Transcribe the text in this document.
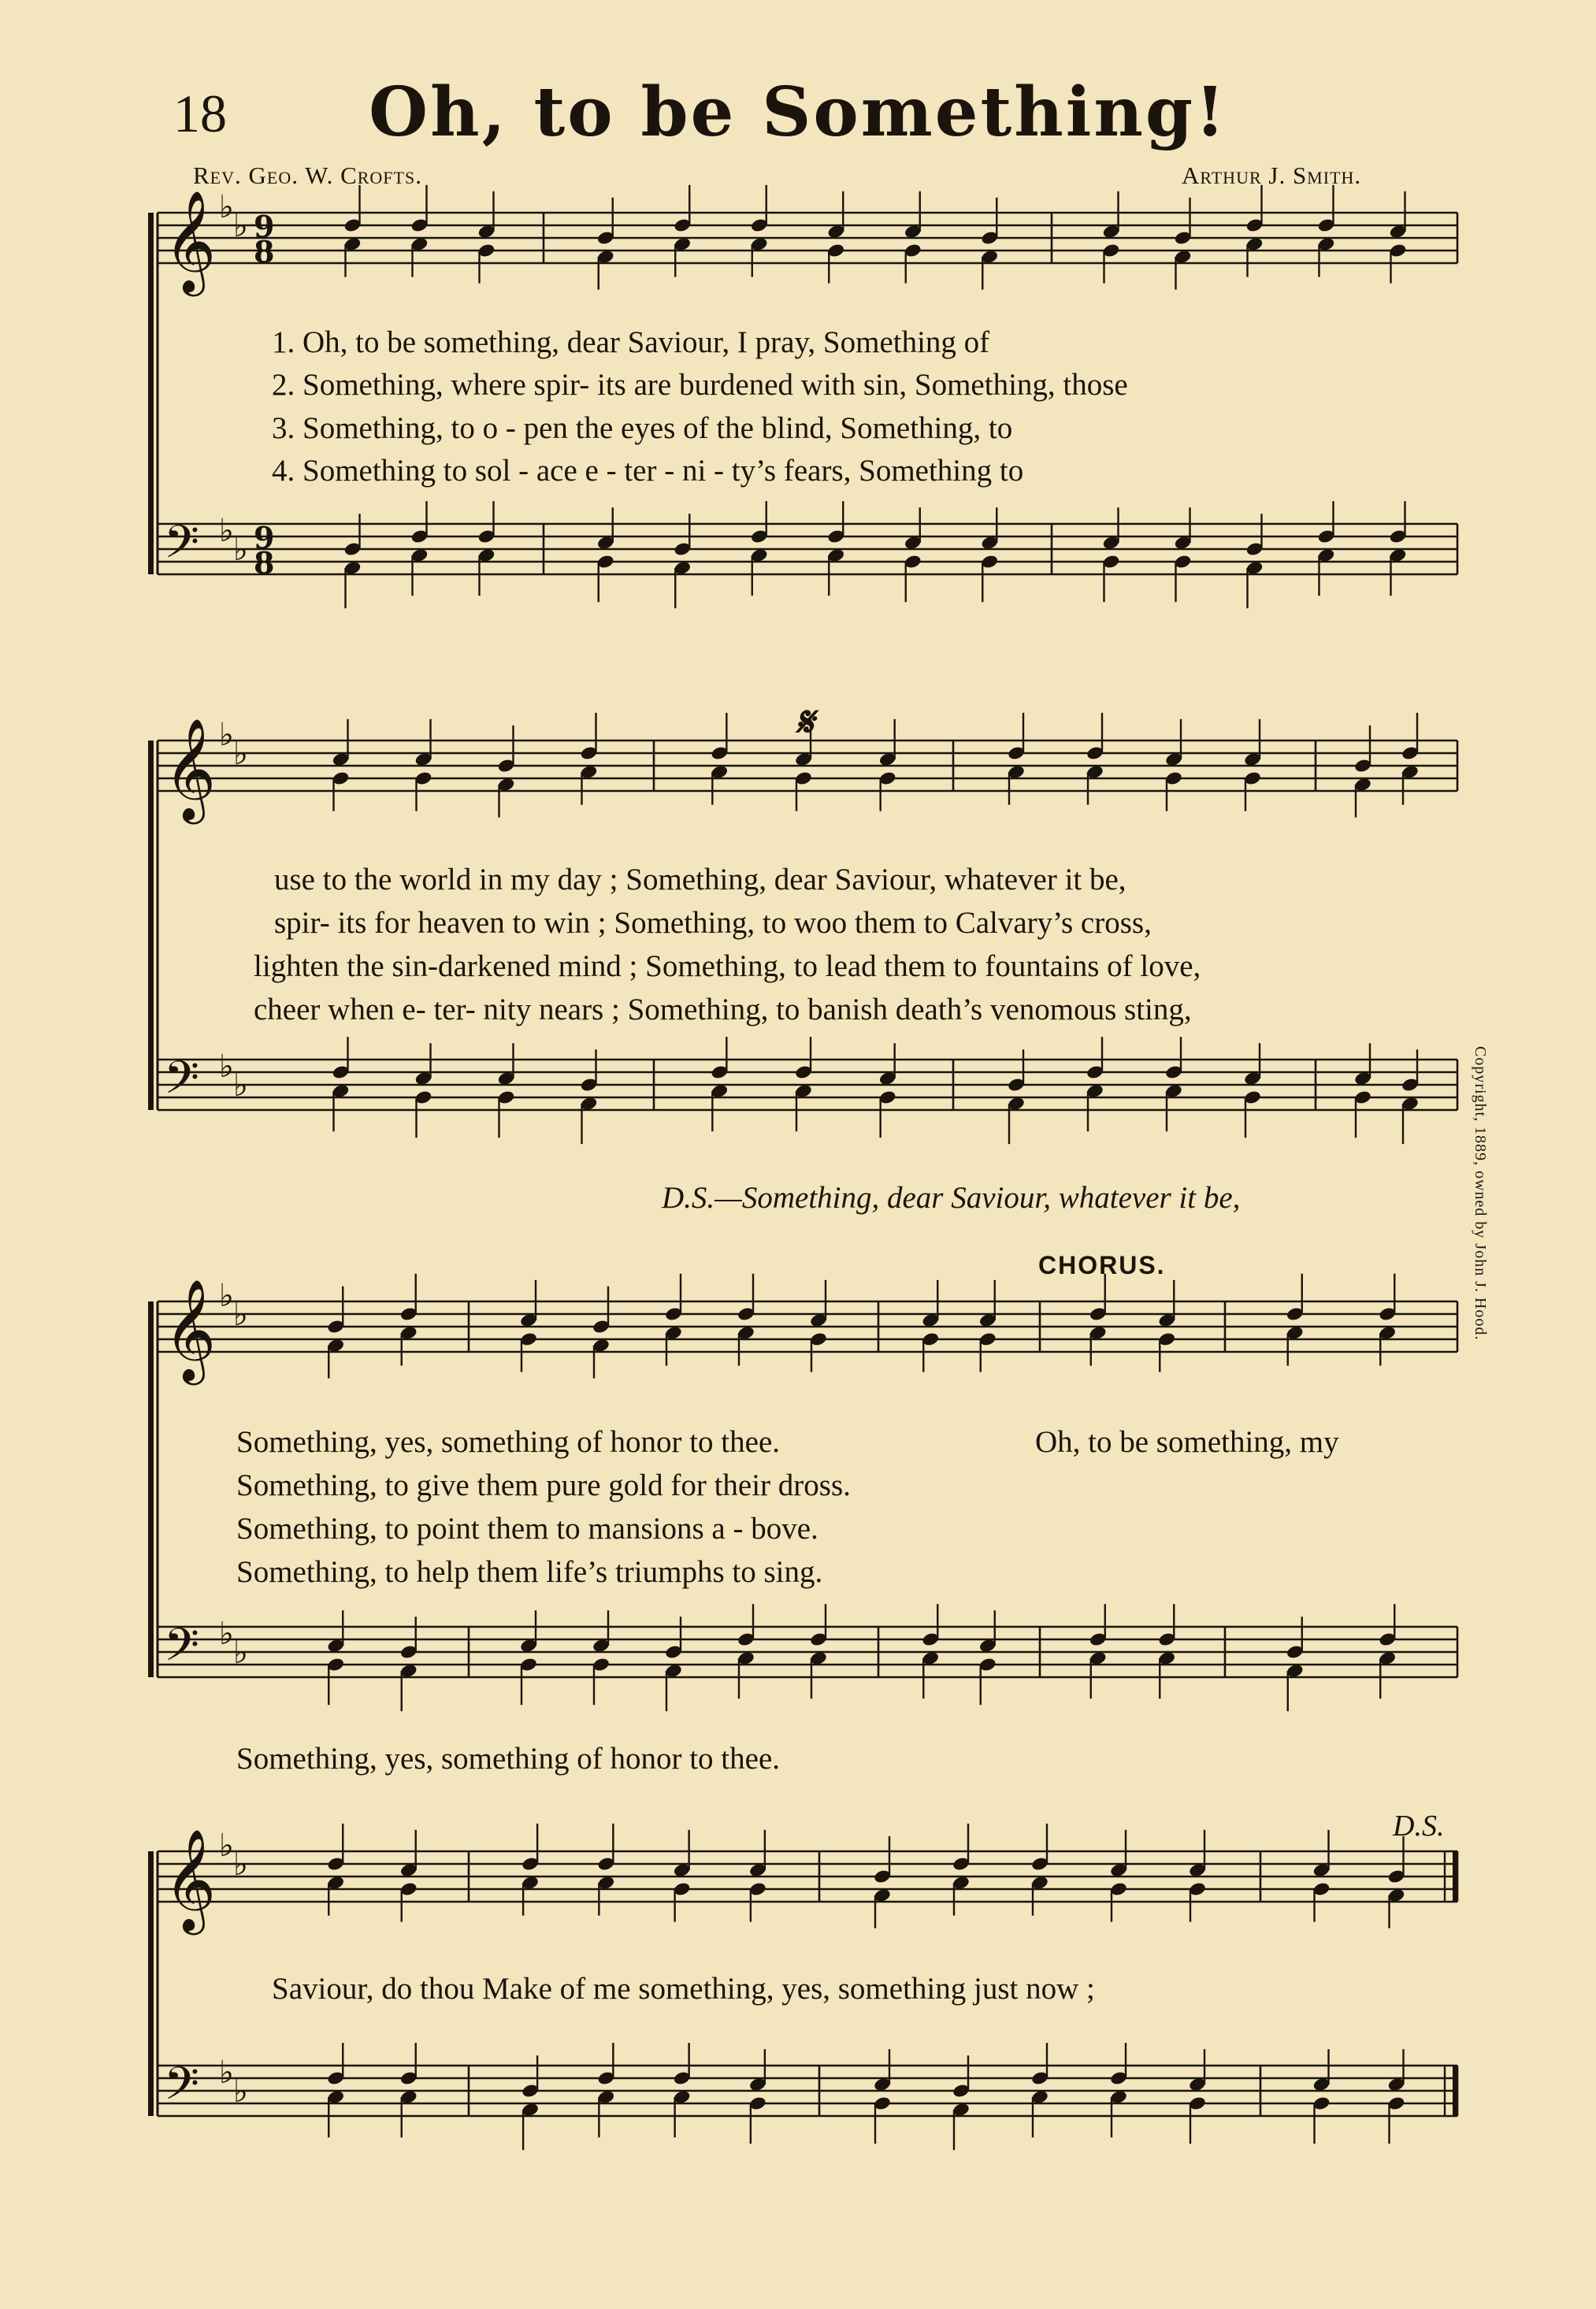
𝄞 ♭
♭ 9
8
𝄢 ♭
♭ 9
8
𝄞 ♭
♭
𝄢 ♭
♭
𝄞 ♭
♭
𝄢 ♭
♭
𝄞 ♭
♭
𝄢 ♭
♭
18	Oh, to be Something!
Rev. Geo. W. Crofts.	Arthur J. Smith.
1. Oh, to be something, dear Saviour, I pray, Something of
2. Something, where spir- its are burdened with sin, Something, those
3. Something, to o - pen the eyes of the blind, Something, to
4. Something to sol - ace e - ter - ni - ty’s fears, Something to
𝄋
use to the world in my day ; Something, dear Saviour, whatever it be,
spir- its for heaven to win ; Something, to woo them to Calvary’s cross,
lighten the sin-darkened mind ; Something, to lead them to fountains of love,
cheer when e- ter- nity nears ; Something, to banish death’s venomous sting,
D.S.—Something, dear Saviour, whatever it be,	Copyright, 1889, owned by John J. Hood.
CHORUS.
Something, yes, something of honor to thee.	Oh, to be something, my
Something, to give them pure gold for their dross.
Something, to point them to mansions a - bove.
Something, to help them life’s triumphs to sing.
Something, yes, something of honor to thee.
D.S.
Saviour, do thou Make of me something, yes, something just now ;
